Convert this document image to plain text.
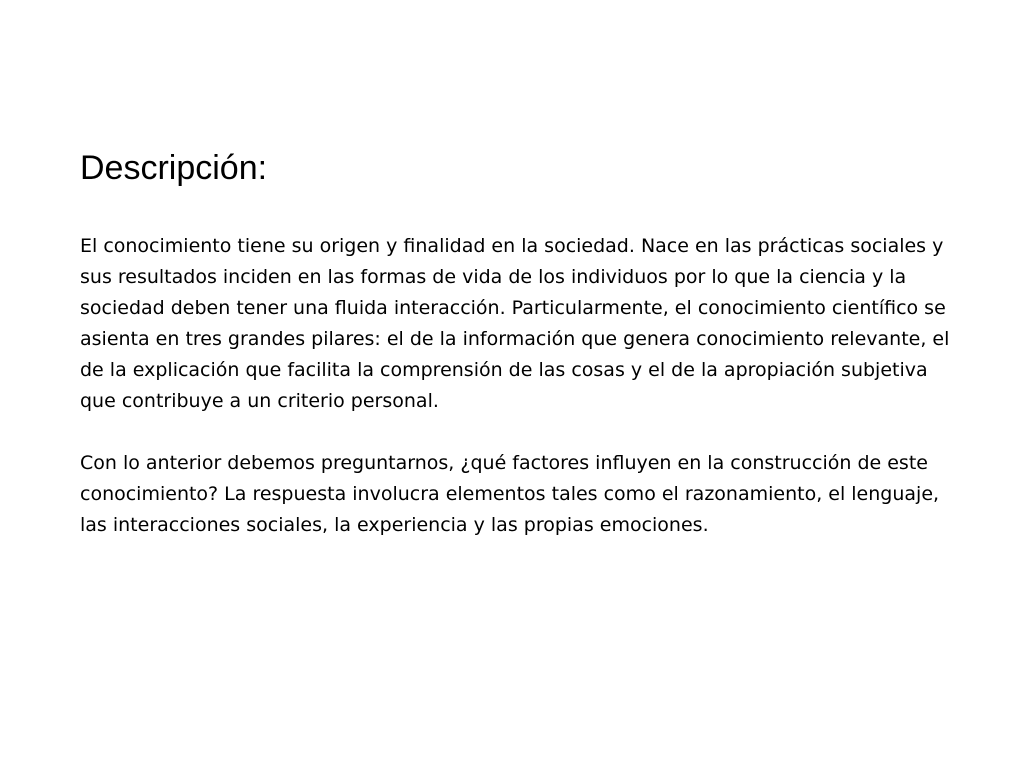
Descripción:

El conocimiento tiene su origen y finalidad en la sociedad. Nace en las prácticas sociales y sus resultados inciden en las formas de vida de los individuos por lo que la ciencia y la sociedad deben tener una fluida interacción. Particularmente, el conocimiento científico se asienta en tres grandes pilares: el de la información que genera conocimiento relevante, el de la explicación que facilita la comprensión de las cosas y el de la apropiación subjetiva que contribuye a un criterio personal.

Con lo anterior debemos preguntarnos, ¿qué factores influyen en la construcción de este conocimiento? La respuesta involucra elementos tales como el razonamiento, el lenguaje, las interacciones sociales, la experiencia y las propias emociones.
